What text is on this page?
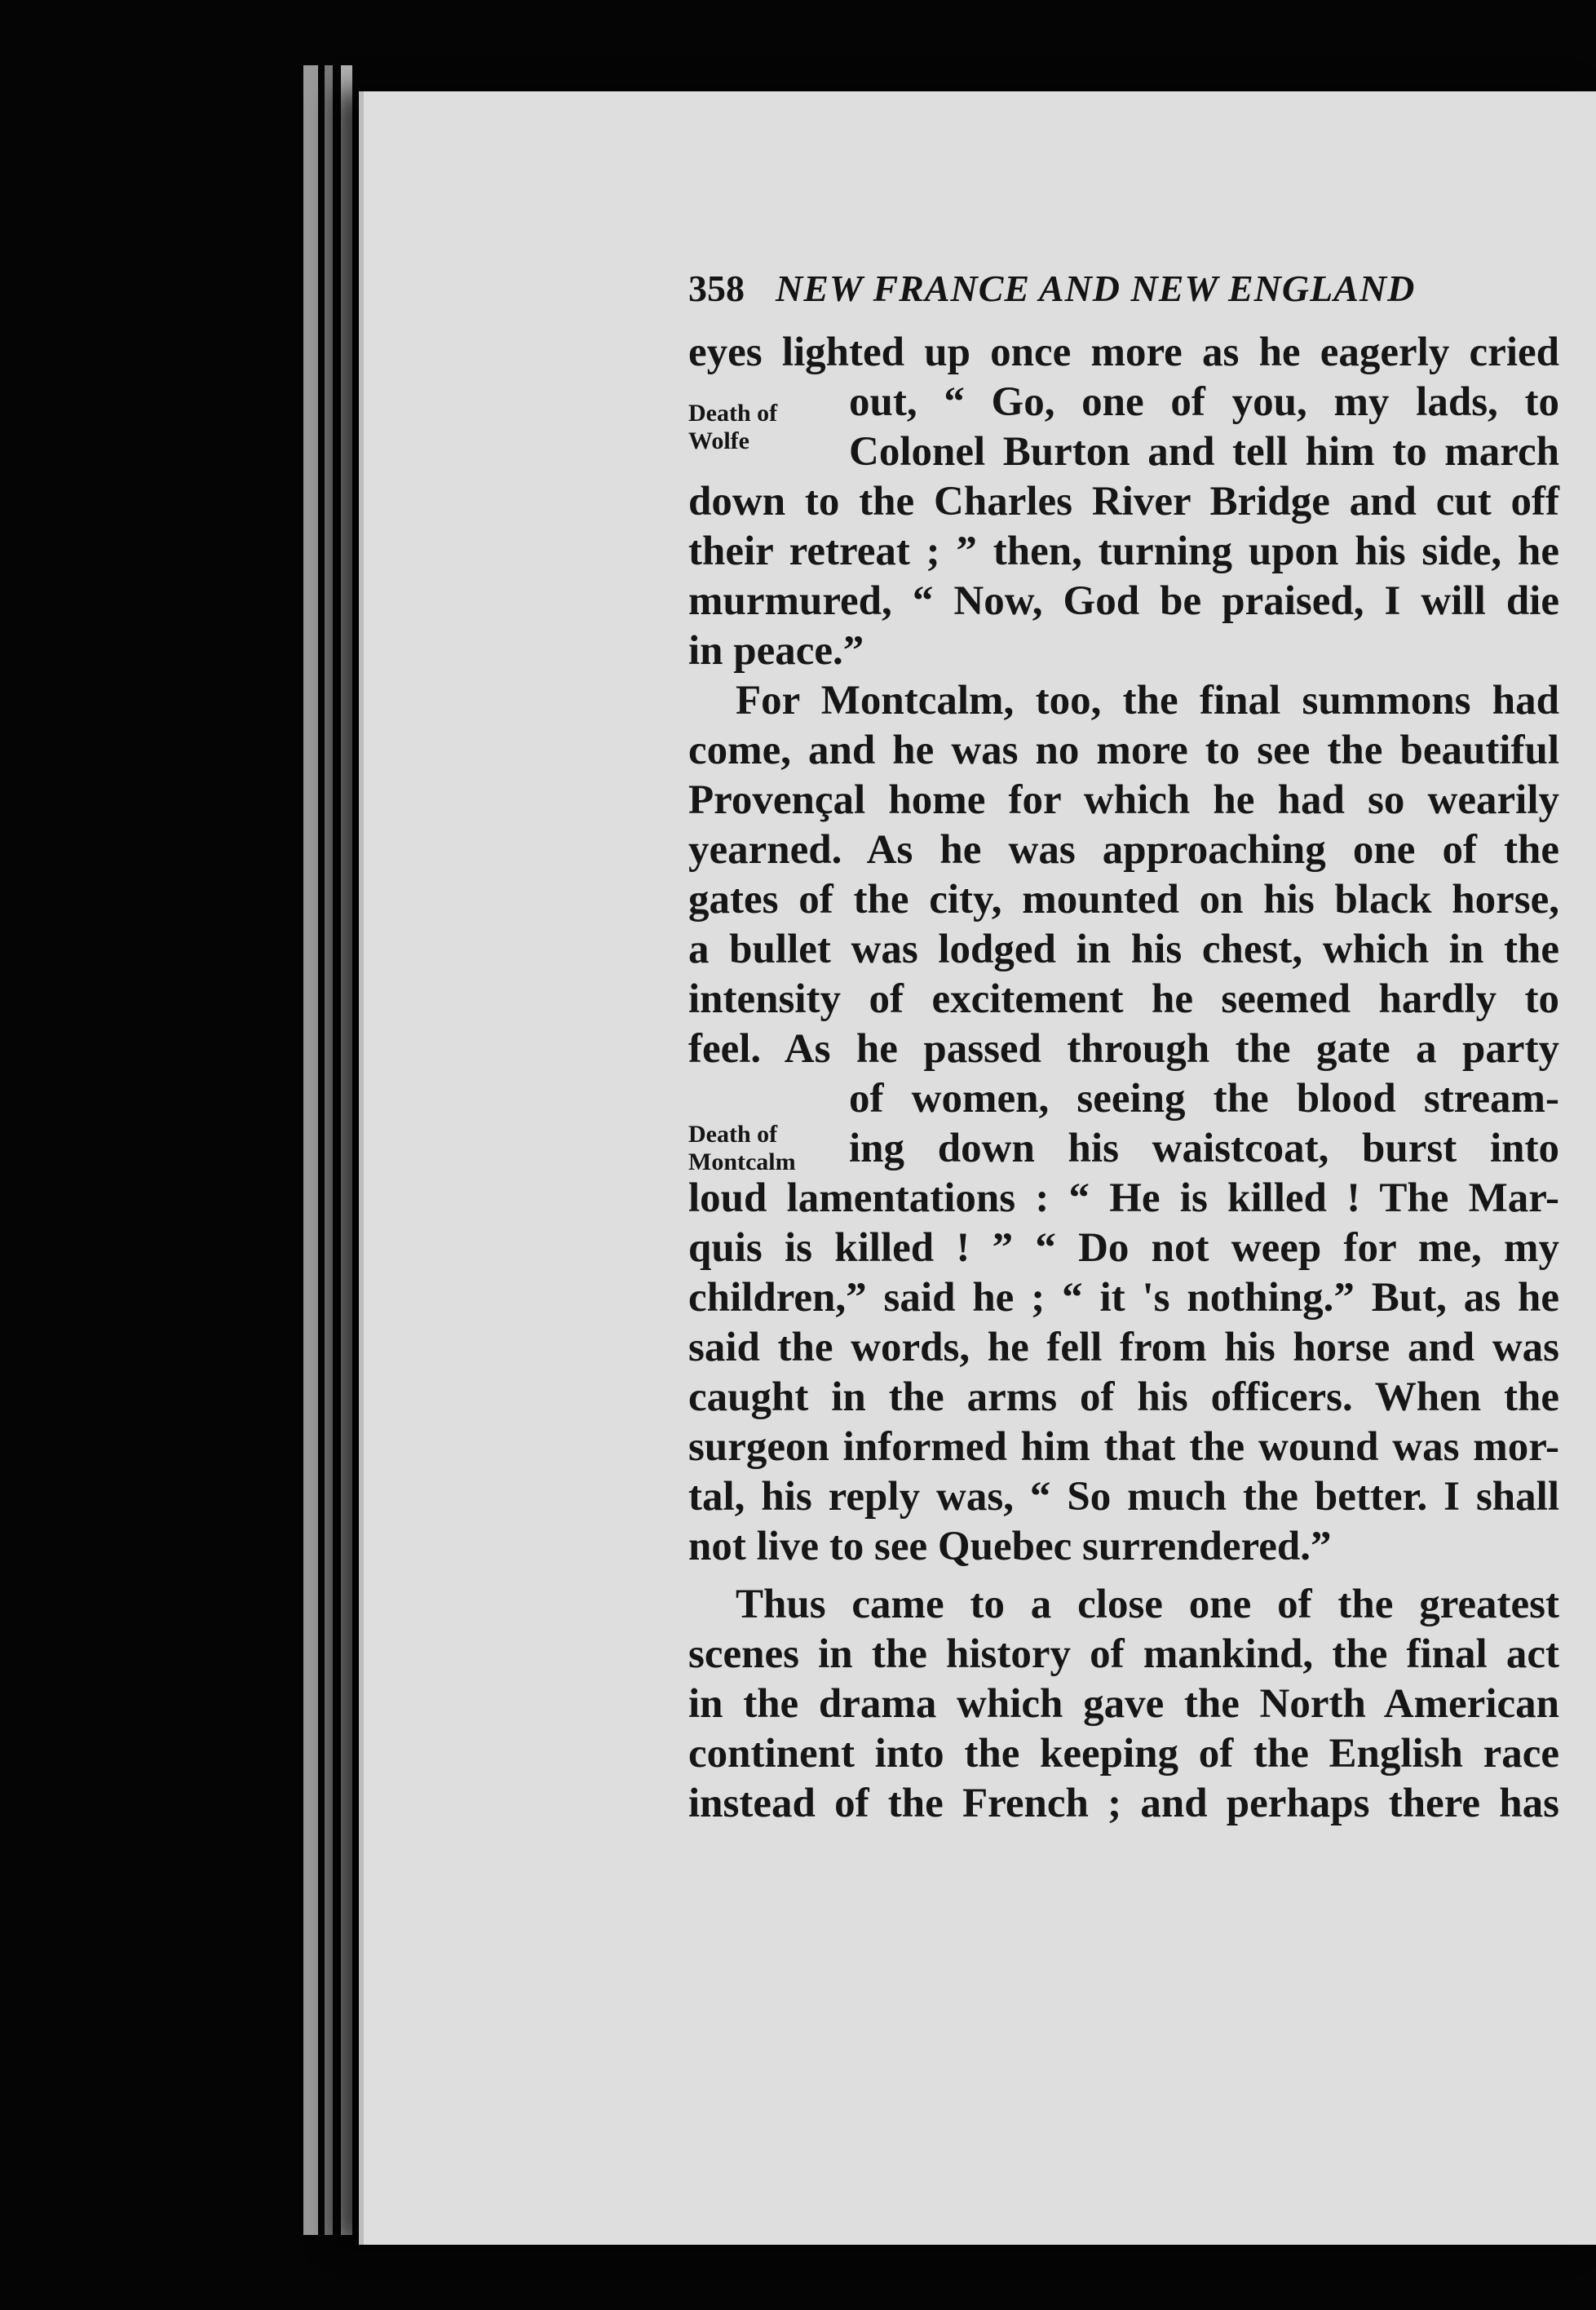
358 NEW FRANCE AND NEW ENGLAND
Death of
Wolfe
Death of
Montcalm
eyes lighted up once more as he eagerly cried
out, “ Go, one of you, my lads, to
Colonel Burton and tell him to march
down to the Charles River Bridge and cut off
their retreat ; ” then, turning upon his side, he
murmured, “ Now, God be praised, I will die
in peace.”
For Montcalm, too, the final summons had
come, and he was no more to see the beautiful
Provençal home for which he had so wearily
yearned. As he was approaching one of the
gates of the city, mounted on his black horse,
a bullet was lodged in his chest, which in the
intensity of excitement he seemed hardly to
feel. As he passed through the gate a party
of women, seeing the blood stream-
ing down his waistcoat, burst into
loud lamentations : “ He is killed ! The Mar-
quis is killed ! ” “ Do not weep for me, my
children,” said he ; “ it 's nothing.” But, as he
said the words, he fell from his horse and was
caught in the arms of his officers. When the
surgeon informed him that the wound was mor-
tal, his reply was, “ So much the better. I shall
not live to see Quebec surrendered.”
Thus came to a close one of the greatest
scenes in the history of mankind, the final act
in the drama which gave the North American
continent into the keeping of the English race
instead of the French ; and perhaps there has
